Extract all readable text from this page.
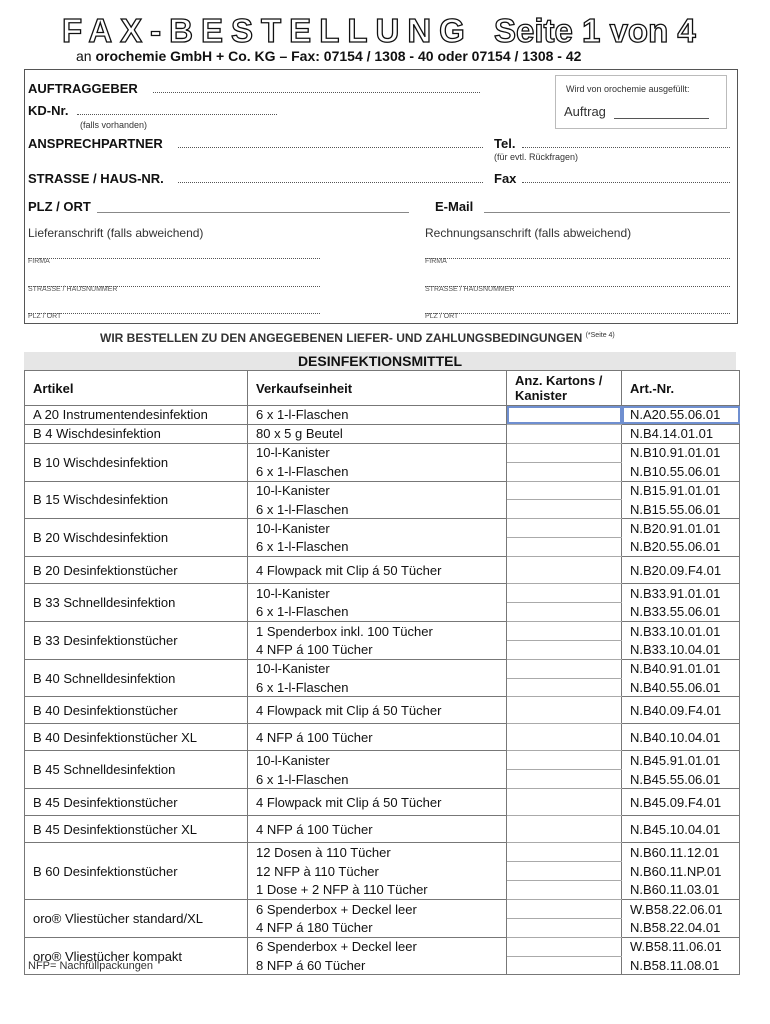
FAX-BESTELLUNG Seite 1 von 4
an orochemie GmbH + Co. KG – Fax: 07154 / 1308 - 40 oder 07154 / 1308 - 42
AUFTRAGGEBER
KD-Nr.
(falls vorhanden)
ANSPRECHPARTNER	Tel.
(für evtl. Rückfragen)
STRASSE / HAUS-NR.	Fax
PLZ / ORT	E-Mail
Lieferanschrift (falls abweichend)	Rechnungsanschrift (falls abweichend)
FIRMA	FIRMA
STRASSE / HAUSNUMMER	STRASSE / HAUSNUMMER
PLZ / ORT	PLZ / ORT
Wird von orochemie ausgefüllt:
Auftrag
WIR BESTELLEN ZU DEN ANGEGEBENEN LIEFER- UND ZAHLUNGSBEDINGUNGEN $^{(*Seite 4)}$
DESINFEKTIONSMITTEL
Artikel	Verkaufseinheit	Anz. Kartons / Kanister	Art.-Nr.
A 20 Instrumentendesinfektion	6 x 1-l-Flaschen		N.A20.55.06.01
B 4 Wischdesinfektion	80 x 5 g Beutel		N.B4.14.01.01
B 10 Wischdesinfektion	10-l-Kanister		N.B10.91.01.01
	6 x 1-l-Flaschen		N.B10.55.06.01
B 15 Wischdesinfektion	10-l-Kanister		N.B15.91.01.01
	6 x 1-l-Flaschen		N.B15.55.06.01
B 20 Wischdesinfektion	10-l-Kanister		N.B20.91.01.01
	6 x 1-l-Flaschen		N.B20.55.06.01
B 20 Desinfektionstücher	4 Flowpack mit Clip á 50 Tücher		N.B20.09.F4.01
B 33 Schnelldesinfektion	10-l-Kanister		N.B33.91.01.01
	6 x 1-l-Flaschen		N.B33.55.06.01
B 33 Desinfektionstücher	1 Spenderbox inkl. 100 Tücher		N.B33.10.01.01
	4 NFP á 100 Tücher		N.B33.10.04.01
B 40 Schnelldesinfektion	10-l-Kanister		N.B40.91.01.01
	6 x 1-l-Flaschen		N.B40.55.06.01
B 40 Desinfektionstücher	4 Flowpack mit Clip á 50 Tücher		N.B40.09.F4.01
B 40 Desinfektionstücher XL	4 NFP á 100 Tücher		N.B40.10.04.01
B 45 Schnelldesinfektion	10-l-Kanister		N.B45.91.01.01
	6 x 1-l-Flaschen		N.B45.55.06.01
B 45 Desinfektionstücher	4 Flowpack mit Clip á 50 Tücher		N.B45.09.F4.01
B 45 Desinfektionstücher XL	4 NFP á 100 Tücher		N.B45.10.04.01
B 60 Desinfektionstücher	12 Dosen à 110 Tücher		N.B60.11.12.01
	12 NFP à 110 Tücher		N.B60.11.NP.01
	1 Dose + 2 NFP à 110 Tücher		N.B60.11.03.01
oro® Vliestücher standard/XL	6 Spenderbox + Deckel leer		W.B58.22.06.01
	4 NFP á 180 Tücher		N.B58.22.04.01
oro® Vliestücher kompakt	6 Spenderbox + Deckel leer		W.B58.11.06.01
	8 NFP á 60 Tücher		N.B58.11.08.01
NFP= Nachfüllpackungen
